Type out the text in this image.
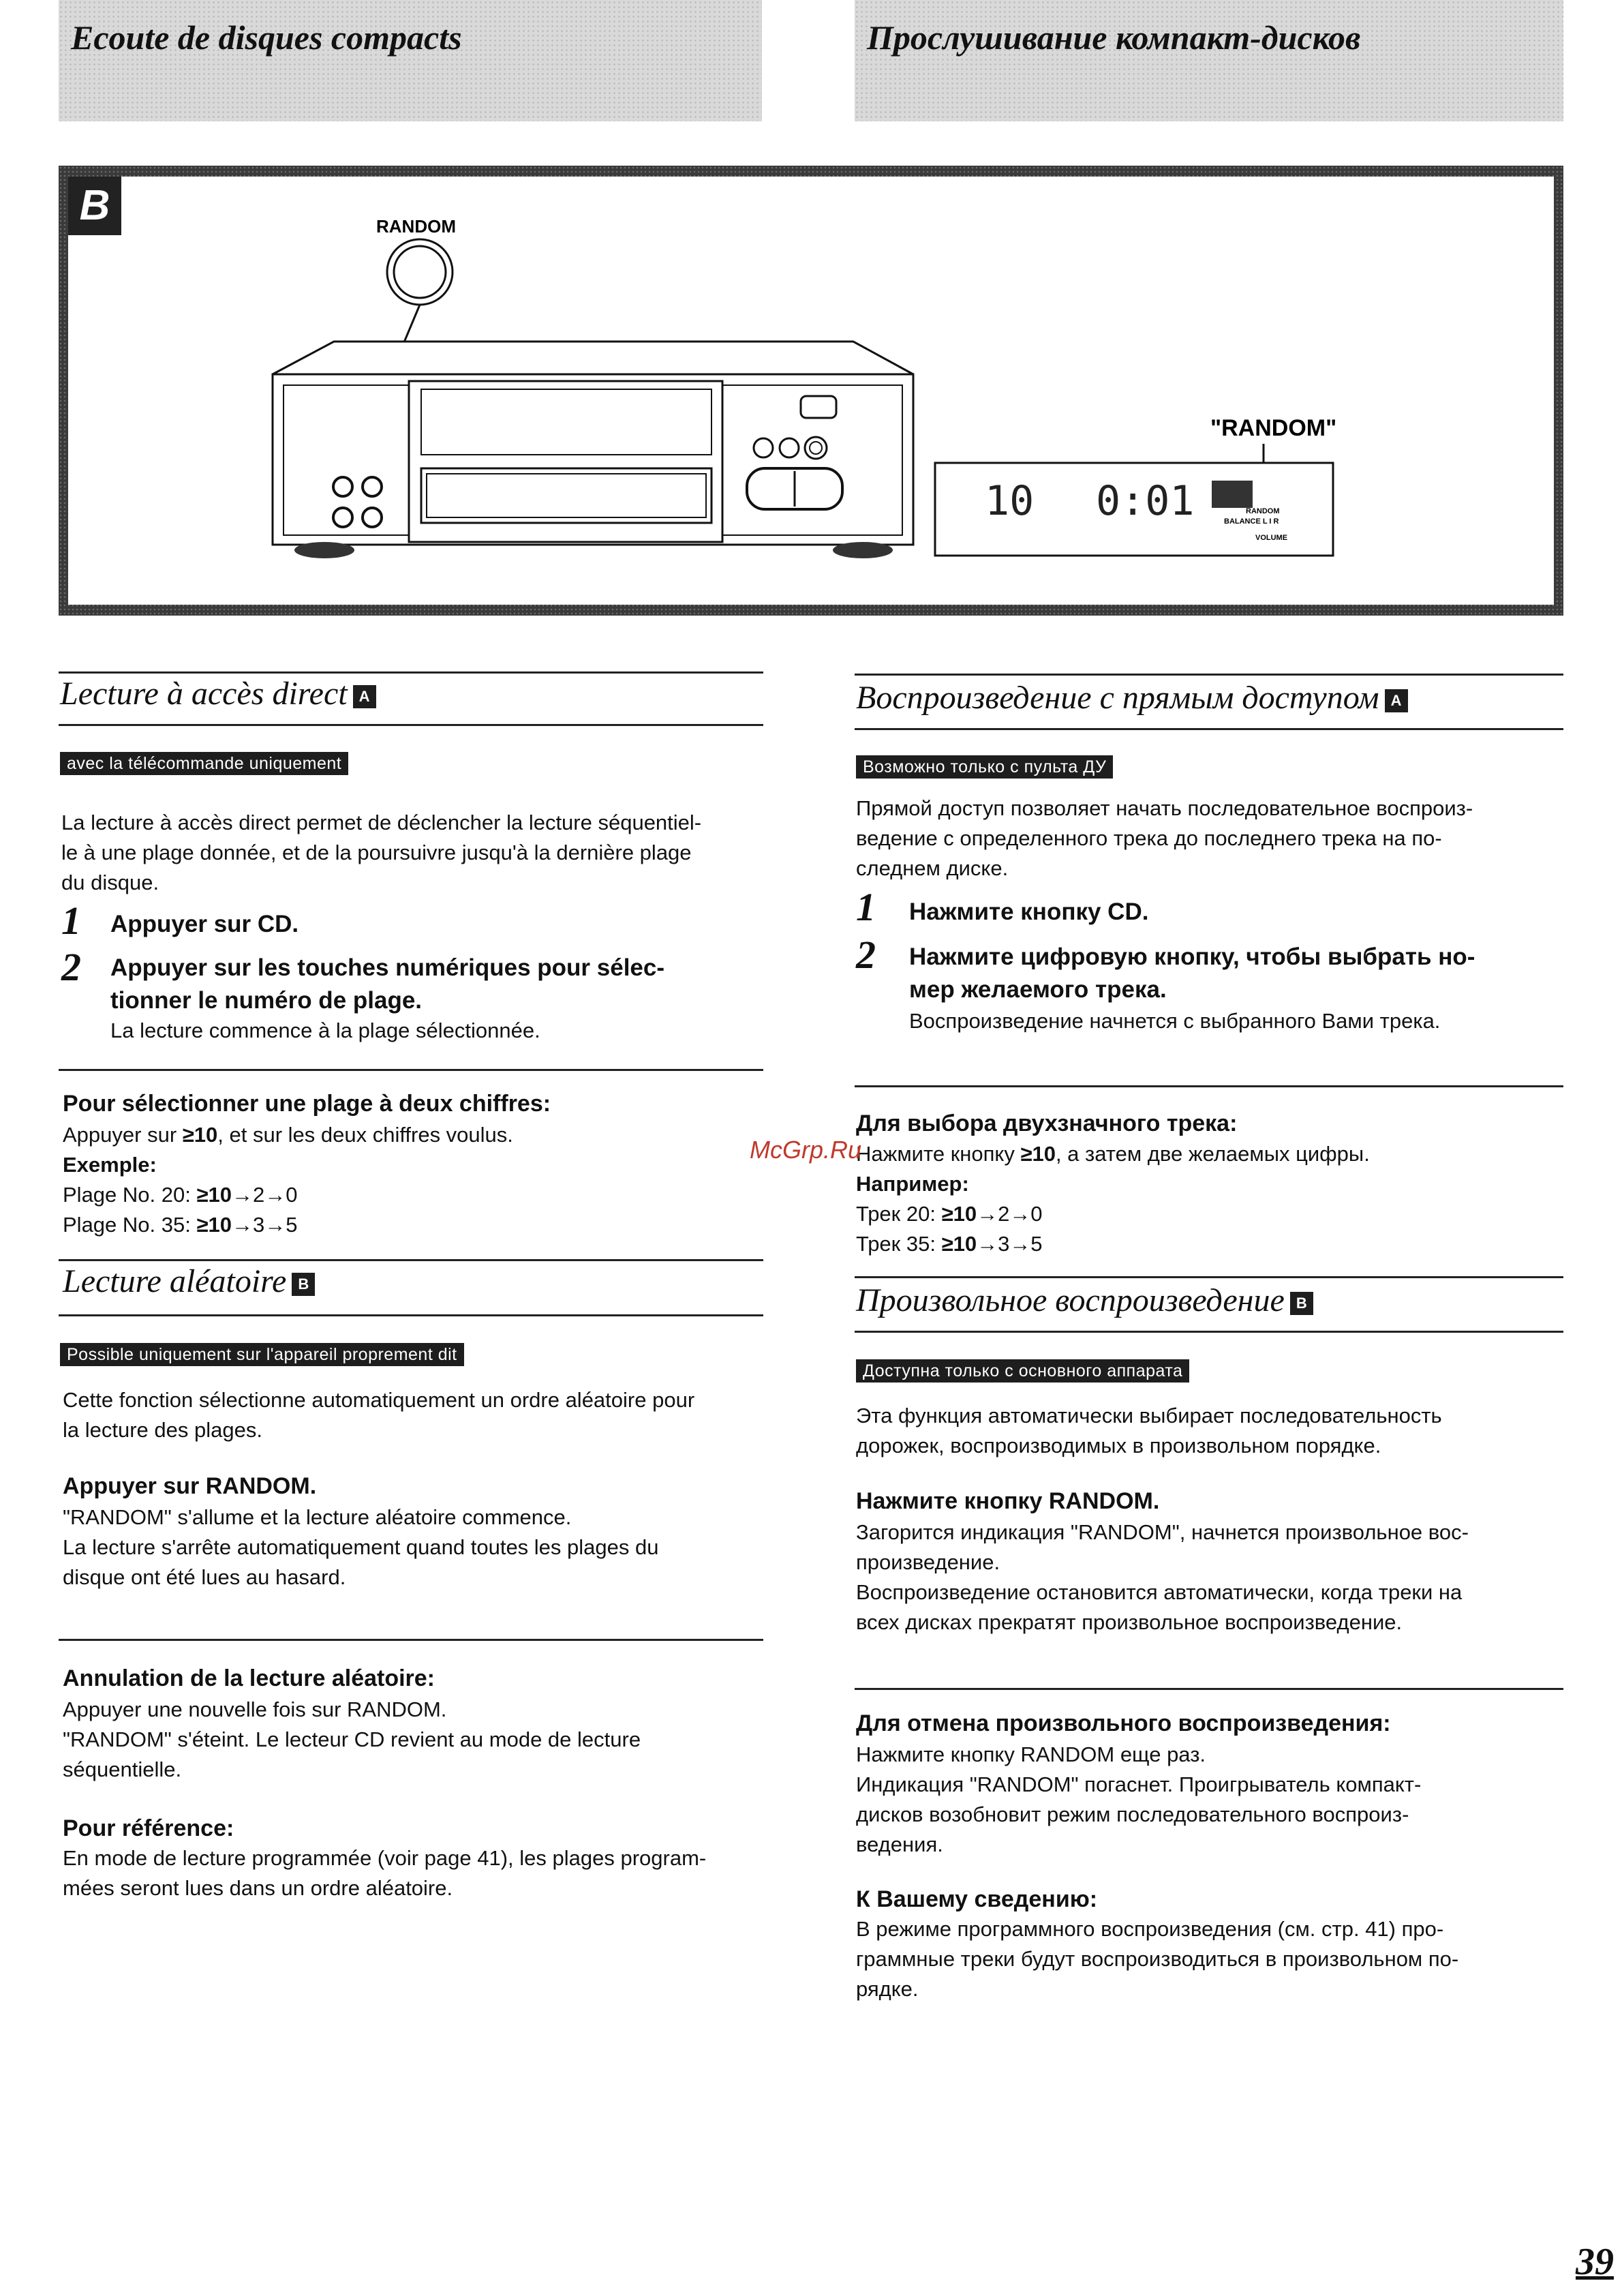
Ecoute de disques compacts	Прослушивание компакт-дисков
B	RANDOM
"RANDOM"
10 0:01	RANDOM
BALANCE L I R
VOLUME
Lecture à accès direct A
avec la télécommande uniquement
La lecture à accès direct permet de déclencher la lecture séquentiel-
le à une plage donnée, et de la poursuivre jusqu'à la dernière plage
du disque.
1 Appuyer sur CD.
2 Appuyer sur les touches numériques pour sélec-
tionner le numéro de plage.
La lecture commence à la plage sélectionnée.
Pour sélectionner une plage à deux chiffres:
Appuyer sur ≥10, et sur les deux chiffres voulus.
Exemple:
Plage No. 20: ≥10→2→0
Plage No. 35: ≥10→3→5
Lecture aléatoire B
Possible uniquement sur l'appareil proprement dit
Cette fonction sélectionne automatiquement un ordre aléatoire pour
la lecture des plages.
Appuyer sur RANDOM.
"RANDOM" s'allume et la lecture aléatoire commence.
La lecture s'arrête automatiquement quand toutes les plages du
disque ont été lues au hasard.
Annulation de la lecture aléatoire:
Appuyer une nouvelle fois sur RANDOM.
"RANDOM" s'éteint. Le lecteur CD revient au mode de lecture
séquentielle.
Pour référence:
En mode de lecture programmée (voir page 41), les plages program-
mées seront lues dans un ordre aléatoire.
Воспроизведение с прямым доступом A
Возможно только с пульта ДУ
Прямой доступ позволяет начать последовательное воспроиз-
ведение с определенного трека до последнего трека на по-
следнем диске.
1 Нажмите кнопку CD.
2 Нажмите цифровую кнопку, чтобы выбрать но-
мер желаемого трека.
Воспроизведение начнется с выбранного Вами трека.
Для выбора двухзначного трека:
Нажмите кнопку ≥10, а затем две желаемых цифры.
Например:
Трек 20: ≥10→2→0
Трек 35: ≥10→3→5
Произвольное воспроизведение B
Доступна только с основного аппарата
Эта функция автоматически выбирает последовательность
дорожек, воспроизводимых в произвольном порядке.
Нажмите кнопку RANDOM.
Загорится индикация "RANDOM", начнется произвольное вос-
произведение.
Воспроизведение остановится автоматически, когда треки на
всех дисках прекратят произвольное воспроизведение.
Для отмена произвольного воспроизведения:
Нажмите кнопку RANDOM еще раз.
Индикация "RANDOM" погаснет. Проигрыватель компакт-
дисков возобновит режим последовательного воспроиз-
ведения.
К Вашему сведению:
В режиме программного воспроизведения (см. стр. 41) про-
граммные треки будут воспроизводиться в произвольном по-
рядке.
McGrp.Ru
39
